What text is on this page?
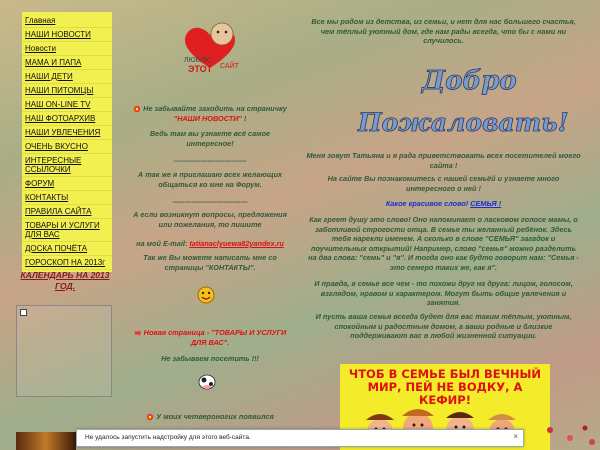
Главная
НАШИ НОВОСТИ
Новости
МАМА И ПАПА
НАШИ ДЕТИ
НАШИ ПИТОМЦЫ
НАШ ON-LINE TV
НАШ ФОТОАРХИВ
НАШИ УВЛЕЧЕНИЯ
ОЧЕНЬ ВКУСНО
ИНТЕРЕСНЫЕ ССЫЛОЧКИ
ФОРУМ
КОНТАКТЫ
ПРАВИЛА САЙТА
ТОВАРЫ И УСЛУГИ ДЛЯ ВАС
ДОСКА ПОЧЁТА
ГОРОСКОП НА 2013г
КАЛЕНДАРЬ НА 2013 ГОД.
Я
ЛЮБЛЮ
ЭТОТ САЙТ
Не забывайте заходить на страничку "НАШИ НОВОСТИ" !
Ведь там вы узнаете всё самое интересное!
------------------------------
А так же я приглашаю всех желающих общаться ко мне на Форум.
-------------------------------
А если возникнут вопросы, предложения или пожелания, то пишите
на мой E-mail: tatianaclyuewa82yandex.ru
Так же Вы можете написать мне со страницы "КОНТАКТЫ".
Новая страница - "ТОВАРЫ И УСЛУГИ ДЛЯ ВАС".
Не забываем посетить !!!
У моих четвероногих появился
Все мы родом из детства, из семьи, и нет для нас большего счастья, чем тёплый уютный дом, где нам рады всегда, что бы с нами ни случилось.
Добро
Пожаловать!
Меня зовут Татьяна и я рада приветствовать всех посетителей моего сайта !
На сайте Вы познакомитесь с нашей семьёй и узнаете много интересного о ней !
Какое красивое слово! СЕМЬЯ !
Как греет душу это слово! Оно напоминает о ласковом голосе мамы, о заботливой строгости отца. В семье ты желанный ребёнок. Здесь тебя нарекли именем. А сколько в слове "СЕМЬЯ" загадок и поучительных открытий! Например, слово "семья" можно разделить на два слова: "семь" и "я". И тогда оно как будто говорит нам: "Семья - это семеро таких же, как я".
И правда, в семье все чем - то похожи друг на друга: лицом, голосом, взглядом, нравом и характером. Могут быть общие увлечения и занятия.
И пусть ваша семья всегда будет для вас таким тёплым, уютным, спокойным и радостным домом, а ваши родные и близкие поддерживают вас в любой жизненной ситуации.
ЧТОБ В СЕМЬЕ БЫЛ ВЕЧНЫЙ МИР, ПЕЙ НЕ ВОДКУ, А КЕФИР!
Не удалось запустить надстройку для этого веб-сайта.	×
